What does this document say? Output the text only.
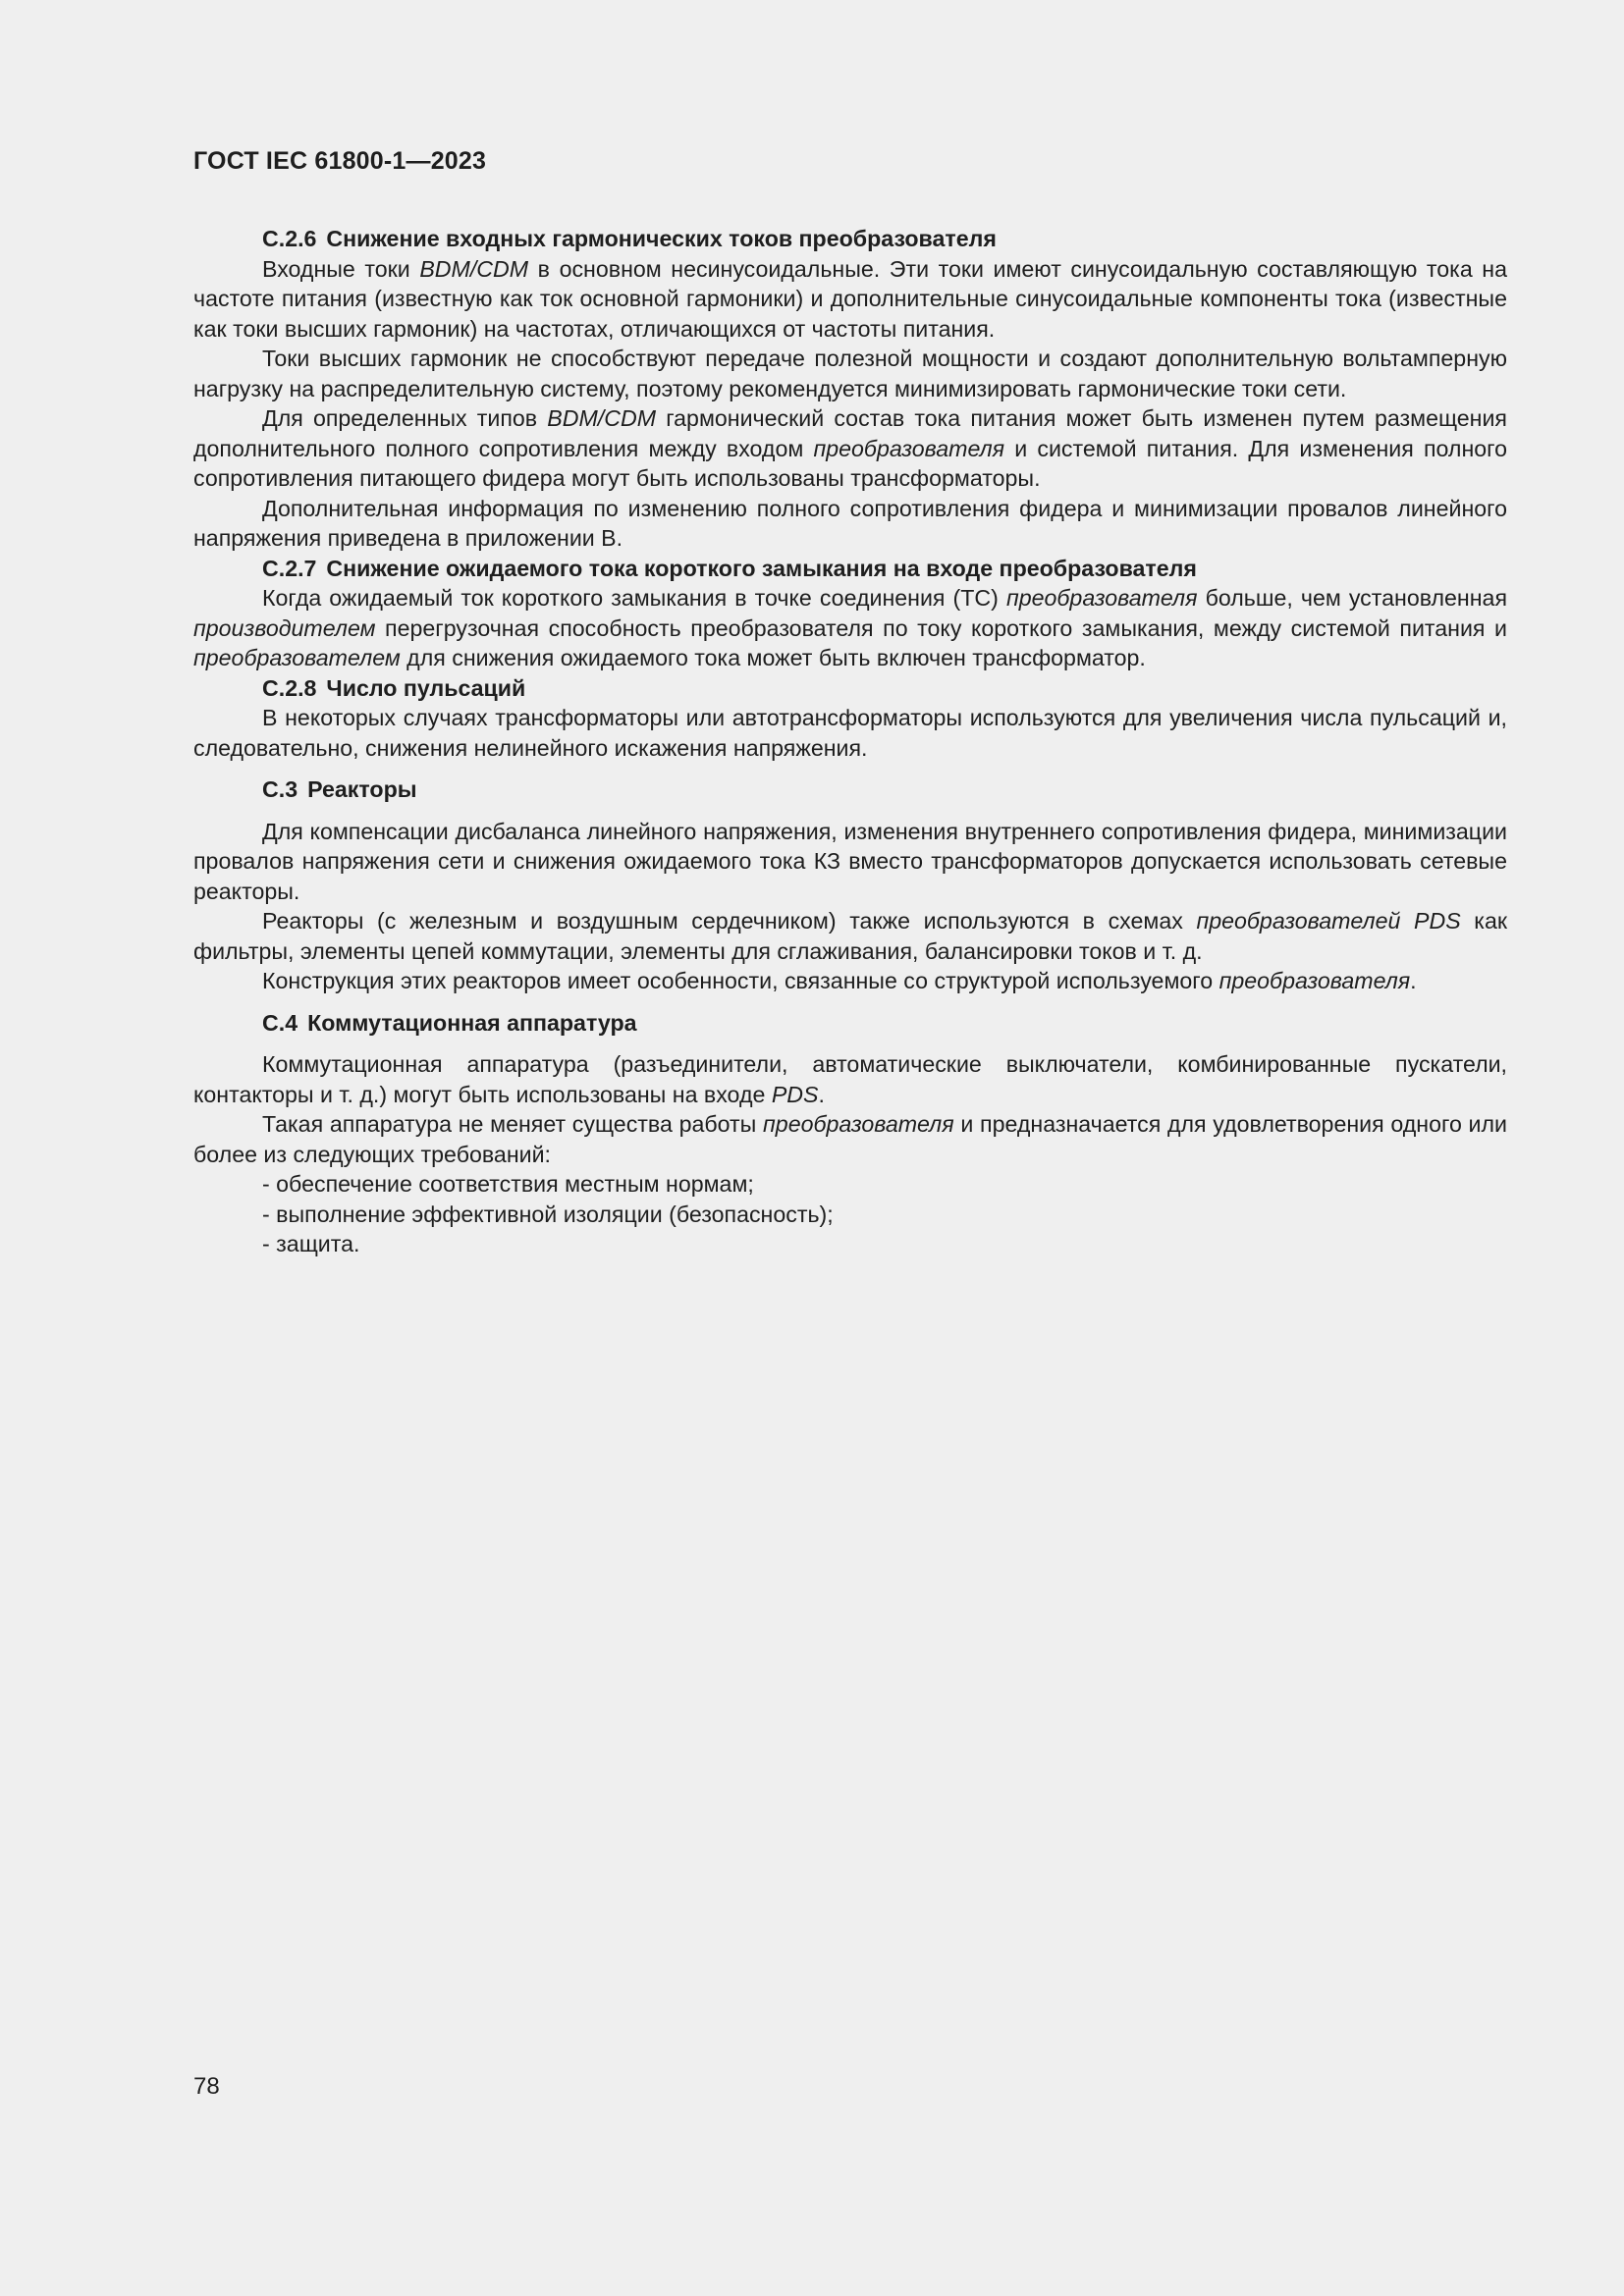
ГОСТ IEC 61800-1—2023
C.2.6 Снижение входных гармонических токов преобразователя

Входные токи BDM/CDM в основном несинусоидальные. Эти токи имеют синусоидальную составляющую тока на частоте питания (известную как ток основной гармоники) и дополнительные синусоидальные компоненты тока (известные как токи высших гармоник) на частотах, отличающихся от частоты питания.

Токи высших гармоник не способствуют передаче полезной мощности и создают дополнительную вольтамперную нагрузку на распределительную систему, поэтому рекомендуется минимизировать гармонические токи сети.

Для определенных типов BDM/CDM гармонический состав тока питания может быть изменен путем размещения дополнительного полного сопротивления между входом преобразователя и системой питания. Для изменения полного сопротивления питающего фидера могут быть использованы трансформаторы.

Дополнительная информация по изменению полного сопротивления фидера и минимизации провалов линейного напряжения приведена в приложении В.

C.2.7 Снижение ожидаемого тока короткого замыкания на входе преобразователя

Когда ожидаемый ток короткого замыкания в точке соединения (ТС) преобразователя больше, чем установленная производителем перегрузочная способность преобразователя по току короткого замыкания, между системой питания и преобразователем для снижения ожидаемого тока может быть включен трансформатор.

C.2.8 Число пульсаций

В некоторых случаях трансформаторы или автотрансформаторы используются для увеличения числа пульсаций и, следовательно, снижения нелинейного искажения напряжения.

C.3 Реакторы

Для компенсации дисбаланса линейного напряжения, изменения внутреннего сопротивления фидера, минимизации провалов напряжения сети и снижения ожидаемого тока КЗ вместо трансформаторов допускается использовать сетевые реакторы.

Реакторы (с железным и воздушным сердечником) также используются в схемах преобразователей PDS как фильтры, элементы цепей коммутации, элементы для сглаживания, балансировки токов и т. д.

Конструкция этих реакторов имеет особенности, связанные со структурой используемого преобразователя.

C.4 Коммутационная аппаратура

Коммутационная аппаратура (разъединители, автоматические выключатели, комбинированные пускатели, контакторы и т. д.) могут быть использованы на входе PDS.

Такая аппаратура не меняет существа работы преобразователя и предназначается для удовлетворения одного или более из следующих требований:

- обеспечение соответствия местным нормам;
- выполнение эффективной изоляции (безопасность);
- защита.
78
